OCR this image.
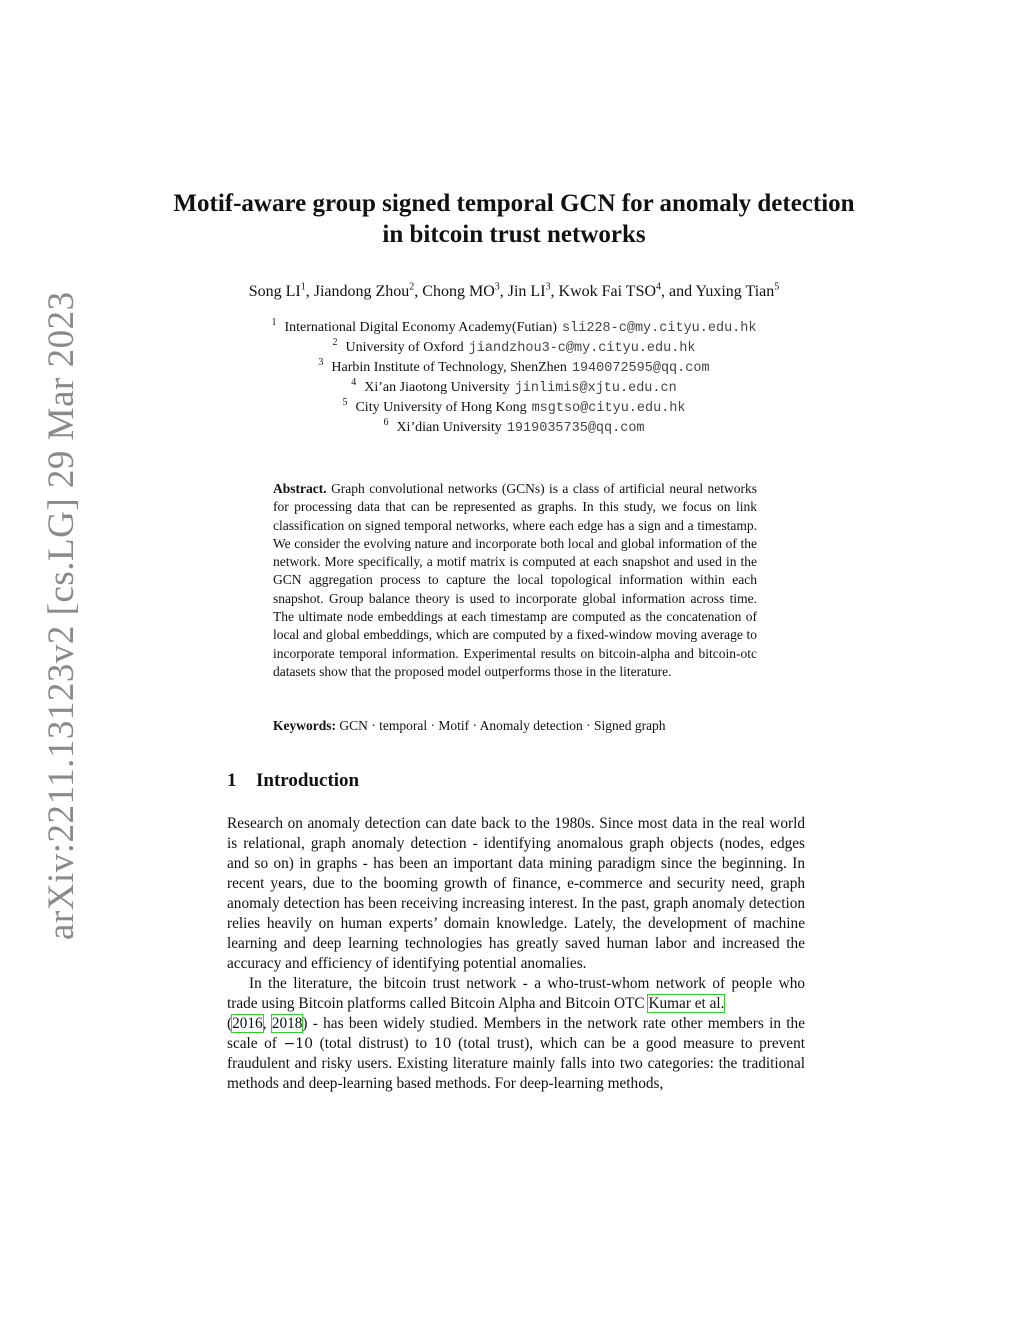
arXiv:2211.13123v2 [cs.LG] 29 Mar 2023
Motif-aware group signed temporal GCN for anomaly detection in bitcoin trust networks
Song $LI^1$, Jiandong Zhou$^2$, Chong $MO^3$, Jin $LI^3$, Kwok Fai TSO$^4$, and Yuxing Tian$^5$
$^1$ International Digital Economy Academy(Futian) sli228-c@my.cityu.edu.hk
$^2$ University of Oxford jiandzhou3-c@my.cityu.edu.hk
$^3$ Harbin Institute of Technology, ShenZhen 1940072595@qq.com
$^4$ Xi’an Jiaotong University jinlimis@xjtu.edu.cn
$^5$ City University of Hong Kong msgtso@cityu.edu.hk
$^6$ Xi’dian University 1919035735@qq.com
Abstract. Graph convolutional networks (GCNs) is a class of artificial neural networks for processing data that can be represented as graphs. In this study, we focus on link classification on signed temporal networks, where each edge has a sign and a timestamp. We consider the evolving nature and incorporate both local and global information of the network. More specifically, a motif matrix is computed at each snapshot and used in the GCN aggregation process to capture the local topological information within each snapshot. Group balance theory is used to incorporate global information across time. The ultimate node embeddings at each timestamp are computed as the concatenation of local and global embeddings, which are computed by a fixed-window moving average to incorporate temporal information. Experimental results on bitcoin-alpha and bitcoin-otc datasets show that the proposed model outperforms those in the literature.
Keywords: GCN · temporal · Motif · Anomaly detection · Signed graph
1 Introduction

Research on anomaly detection can date back to the 1980s. Since most data in the real world is relational, graph anomaly detection - identifying anomalous graph objects (nodes, edges and so on) in graphs - has been an important data mining paradigm since the beginning. In recent years, due to the booming growth of finance, e-commerce and security need, graph anomaly detection has been receiving increasing interest. In the past, graph anomaly detection relies heavily on human experts’ domain knowledge. Lately, the development of machine learning and deep learning technologies has greatly saved human labor and increased the accuracy and efficiency of identifying potential anomalies.

In the literature, the bitcoin trust network - a who-trust-whom network of people who trade using Bitcoin platforms called Bitcoin Alpha and Bitcoin OTC Kumar et al.
(2016, 2018) - has been widely studied. Members in the network rate other members in the scale of −10 (total distrust) to 10 (total trust), which can be a good measure to prevent fraudulent and risky users. Existing literature mainly falls into two categories: the traditional methods and deep-learning based methods. For deep-learning methods,
